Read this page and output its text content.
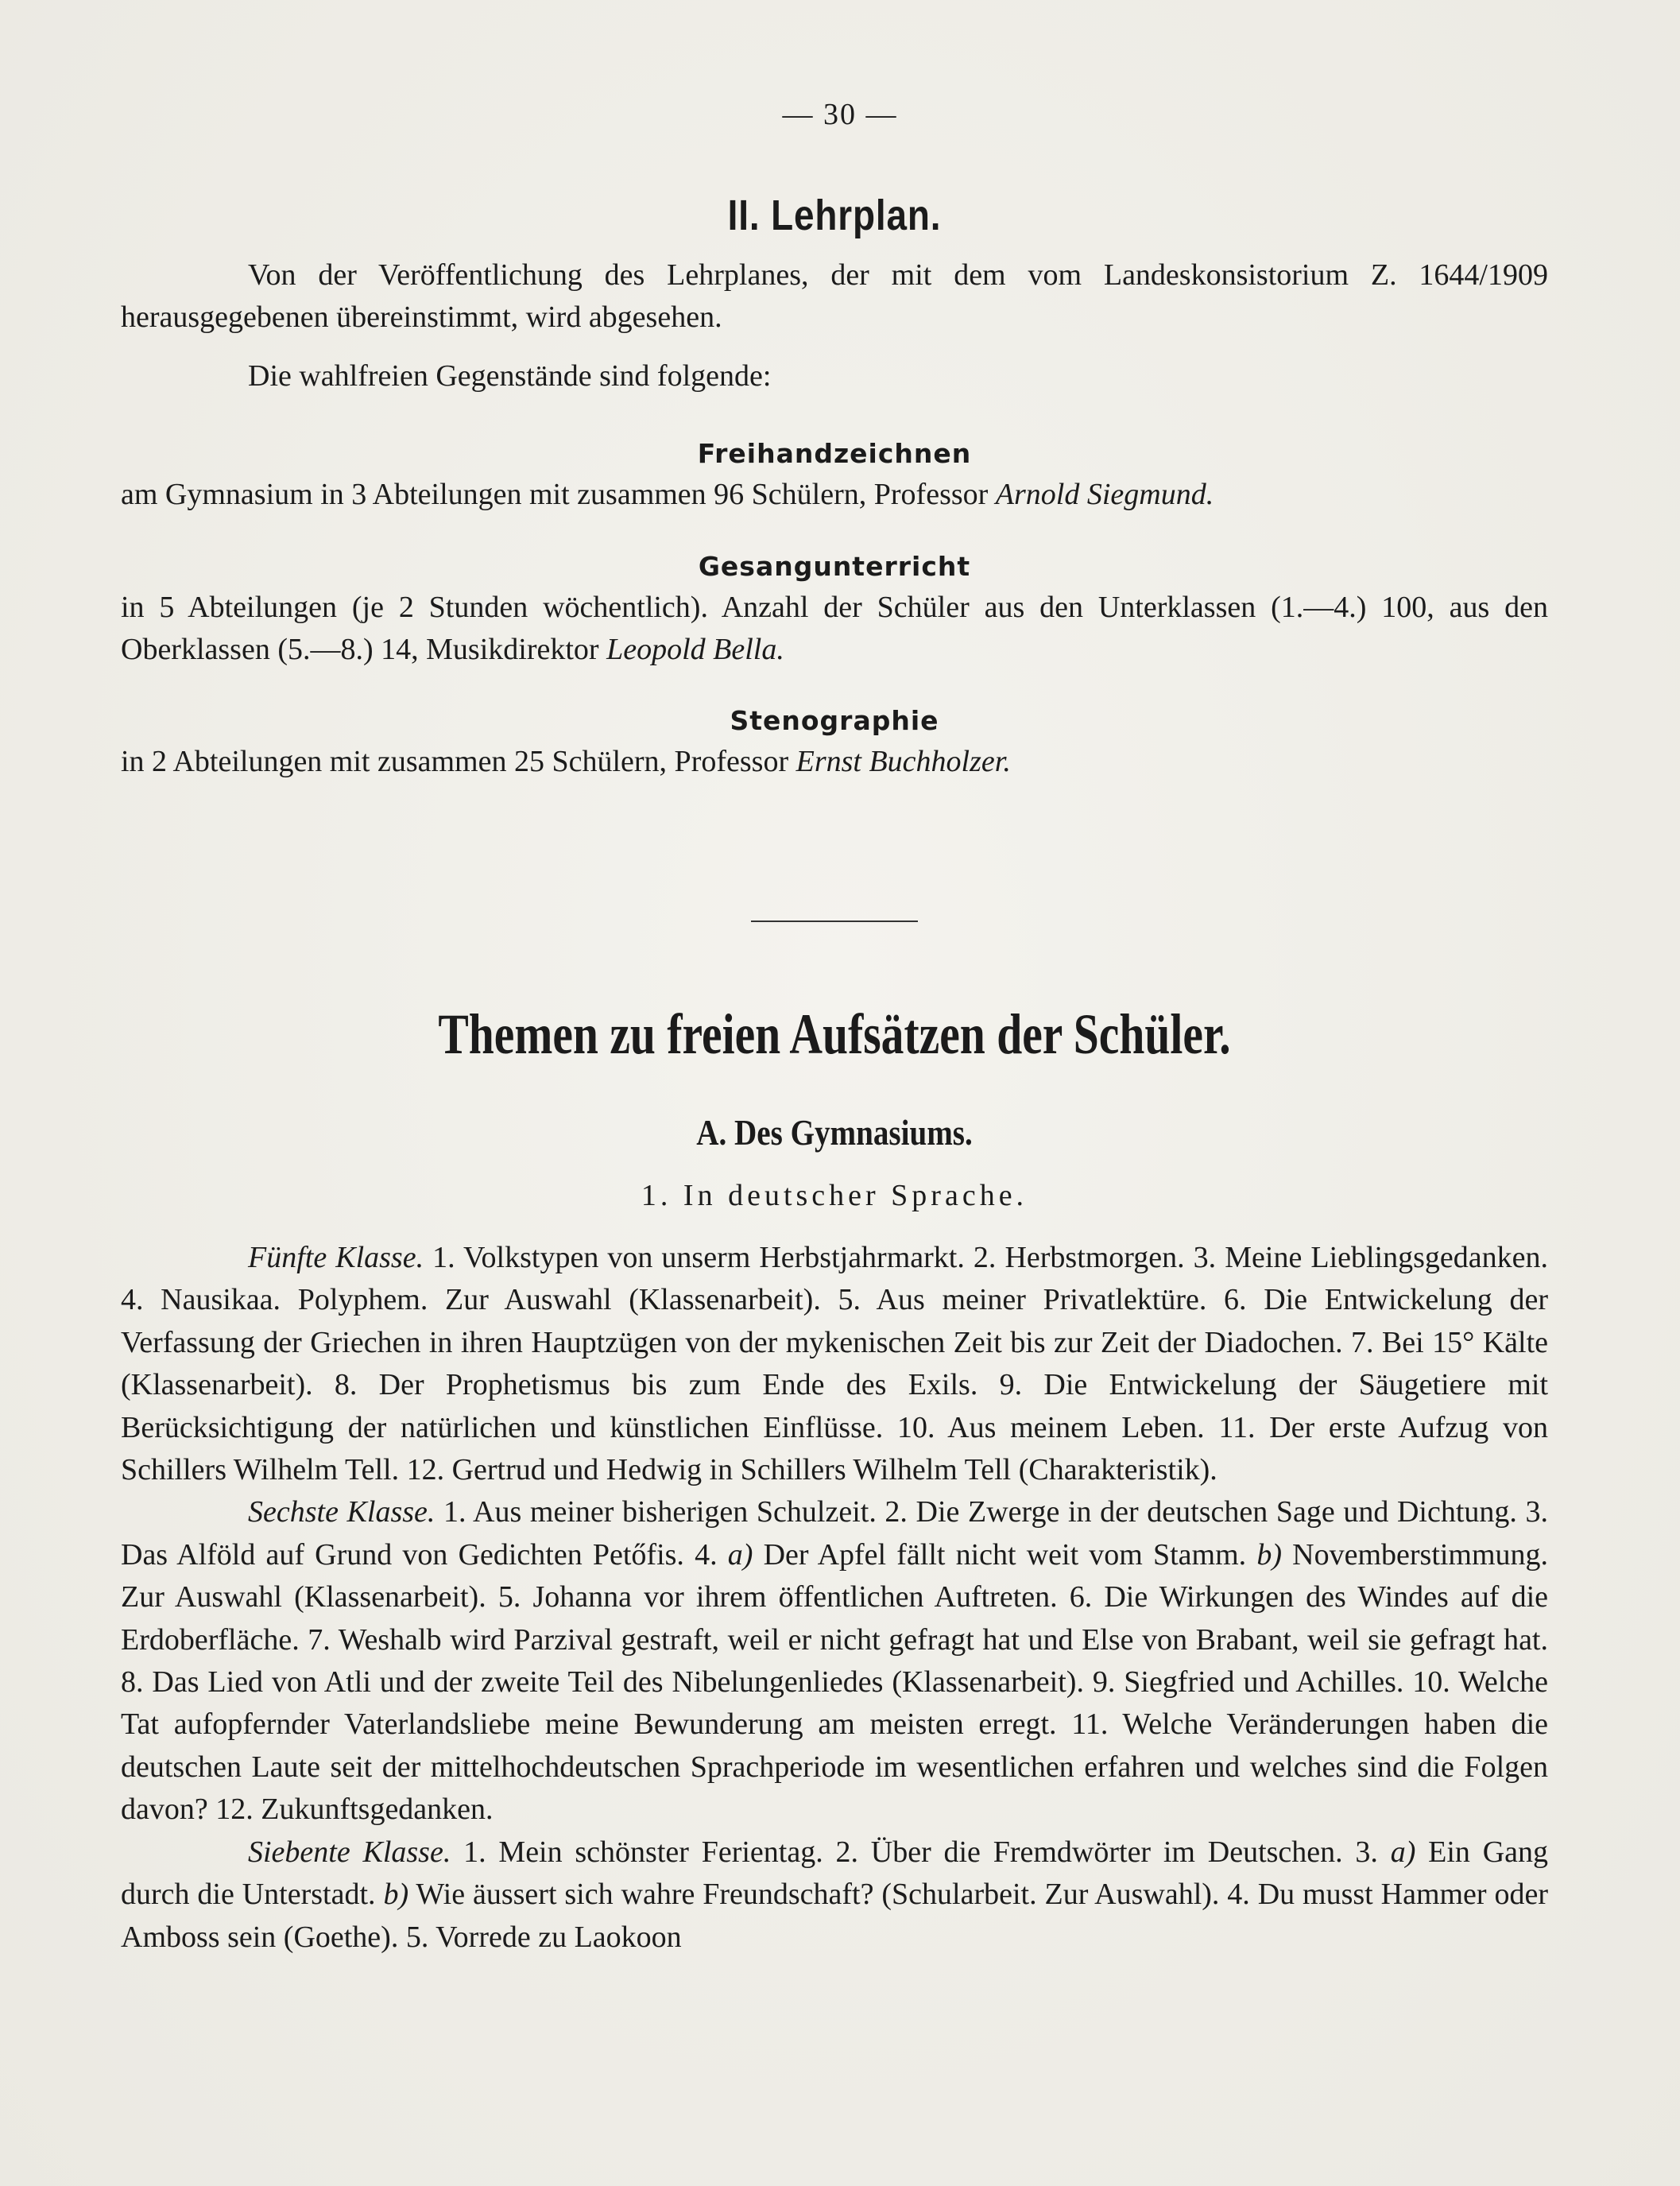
— 30 —

II. Lehrplan.

Von der Veröffentlichung des Lehrplanes, der mit dem vom Landeskonsistorium Z. 1644/1909 herausgegebenen übereinstimmt, wird abgesehen.

Die wahlfreien Gegenstände sind folgende:

Freihandzeichnen

am Gymnasium in 3 Abteilungen mit zusammen 96 Schülern, Professor Arnold Siegmund.

Gesangunterricht

in 5 Abteilungen (je 2 Stunden wöchentlich). Anzahl der Schüler aus den Unterklassen (1.—4.) 100, aus den Oberklassen (5.—8.) 14, Musikdirektor Leopold Bella.

Stenographie

in 2 Abteilungen mit zusammen 25 Schülern, Professor Ernst Buchholzer.

Themen zu freien Aufsätzen der Schüler.

A. Des Gymnasiums.

1. In deutscher Sprache.

Fünfte Klasse. 1. Volkstypen von unserm Herbstjahrmarkt. 2. Herbstmorgen. 3. Meine Lieblingsgedanken. 4. Nausikaa. Polyphem. Zur Auswahl (Klassenarbeit). 5. Aus meiner Privatlektüre. 6. Die Entwickelung der Verfassung der Griechen in ihren Hauptzügen von der mykenischen Zeit bis zur Zeit der Diadochen. 7. Bei 15° Kälte (Klassenarbeit). 8. Der Prophetismus bis zum Ende des Exils. 9. Die Entwickelung der Säugetiere mit Berücksichtigung der natürlichen und künstlichen Einflüsse. 10. Aus meinem Leben. 11. Der erste Aufzug von Schillers Wilhelm Tell. 12. Gertrud und Hedwig in Schillers Wilhelm Tell (Charakteristik).

Sechste Klasse. 1. Aus meiner bisherigen Schulzeit. 2. Die Zwerge in der deutschen Sage und Dichtung. 3. Das Alföld auf Grund von Gedichten Petőfis. 4. a) Der Apfel fällt nicht weit vom Stamm. b) Novemberstimmung. Zur Auswahl (Klassenarbeit). 5. Johanna vor ihrem öffentlichen Auftreten. 6. Die Wirkungen des Windes auf die Erdoberfläche. 7. Weshalb wird Parzival gestraft, weil er nicht gefragt hat und Else von Brabant, weil sie gefragt hat. 8. Das Lied von Atli und der zweite Teil des Nibelungenliedes (Klassenarbeit). 9. Siegfried und Achilles. 10. Welche Tat aufopfernder Vaterlandsliebe meine Bewunderung am meisten erregt. 11. Welche Veränderungen haben die deutschen Laute seit der mittelhochdeutschen Sprachperiode im wesentlichen erfahren und welches sind die Folgen davon? 12. Zukunftsgedanken.

Siebente Klasse. 1. Mein schönster Ferientag. 2. Über die Fremdwörter im Deutschen. 3. a) Ein Gang durch die Unterstadt. b) Wie äussert sich wahre Freundschaft? (Schularbeit. Zur Auswahl). 4. Du musst Hammer oder Amboss sein (Goethe). 5. Vorrede zu Laokoon
